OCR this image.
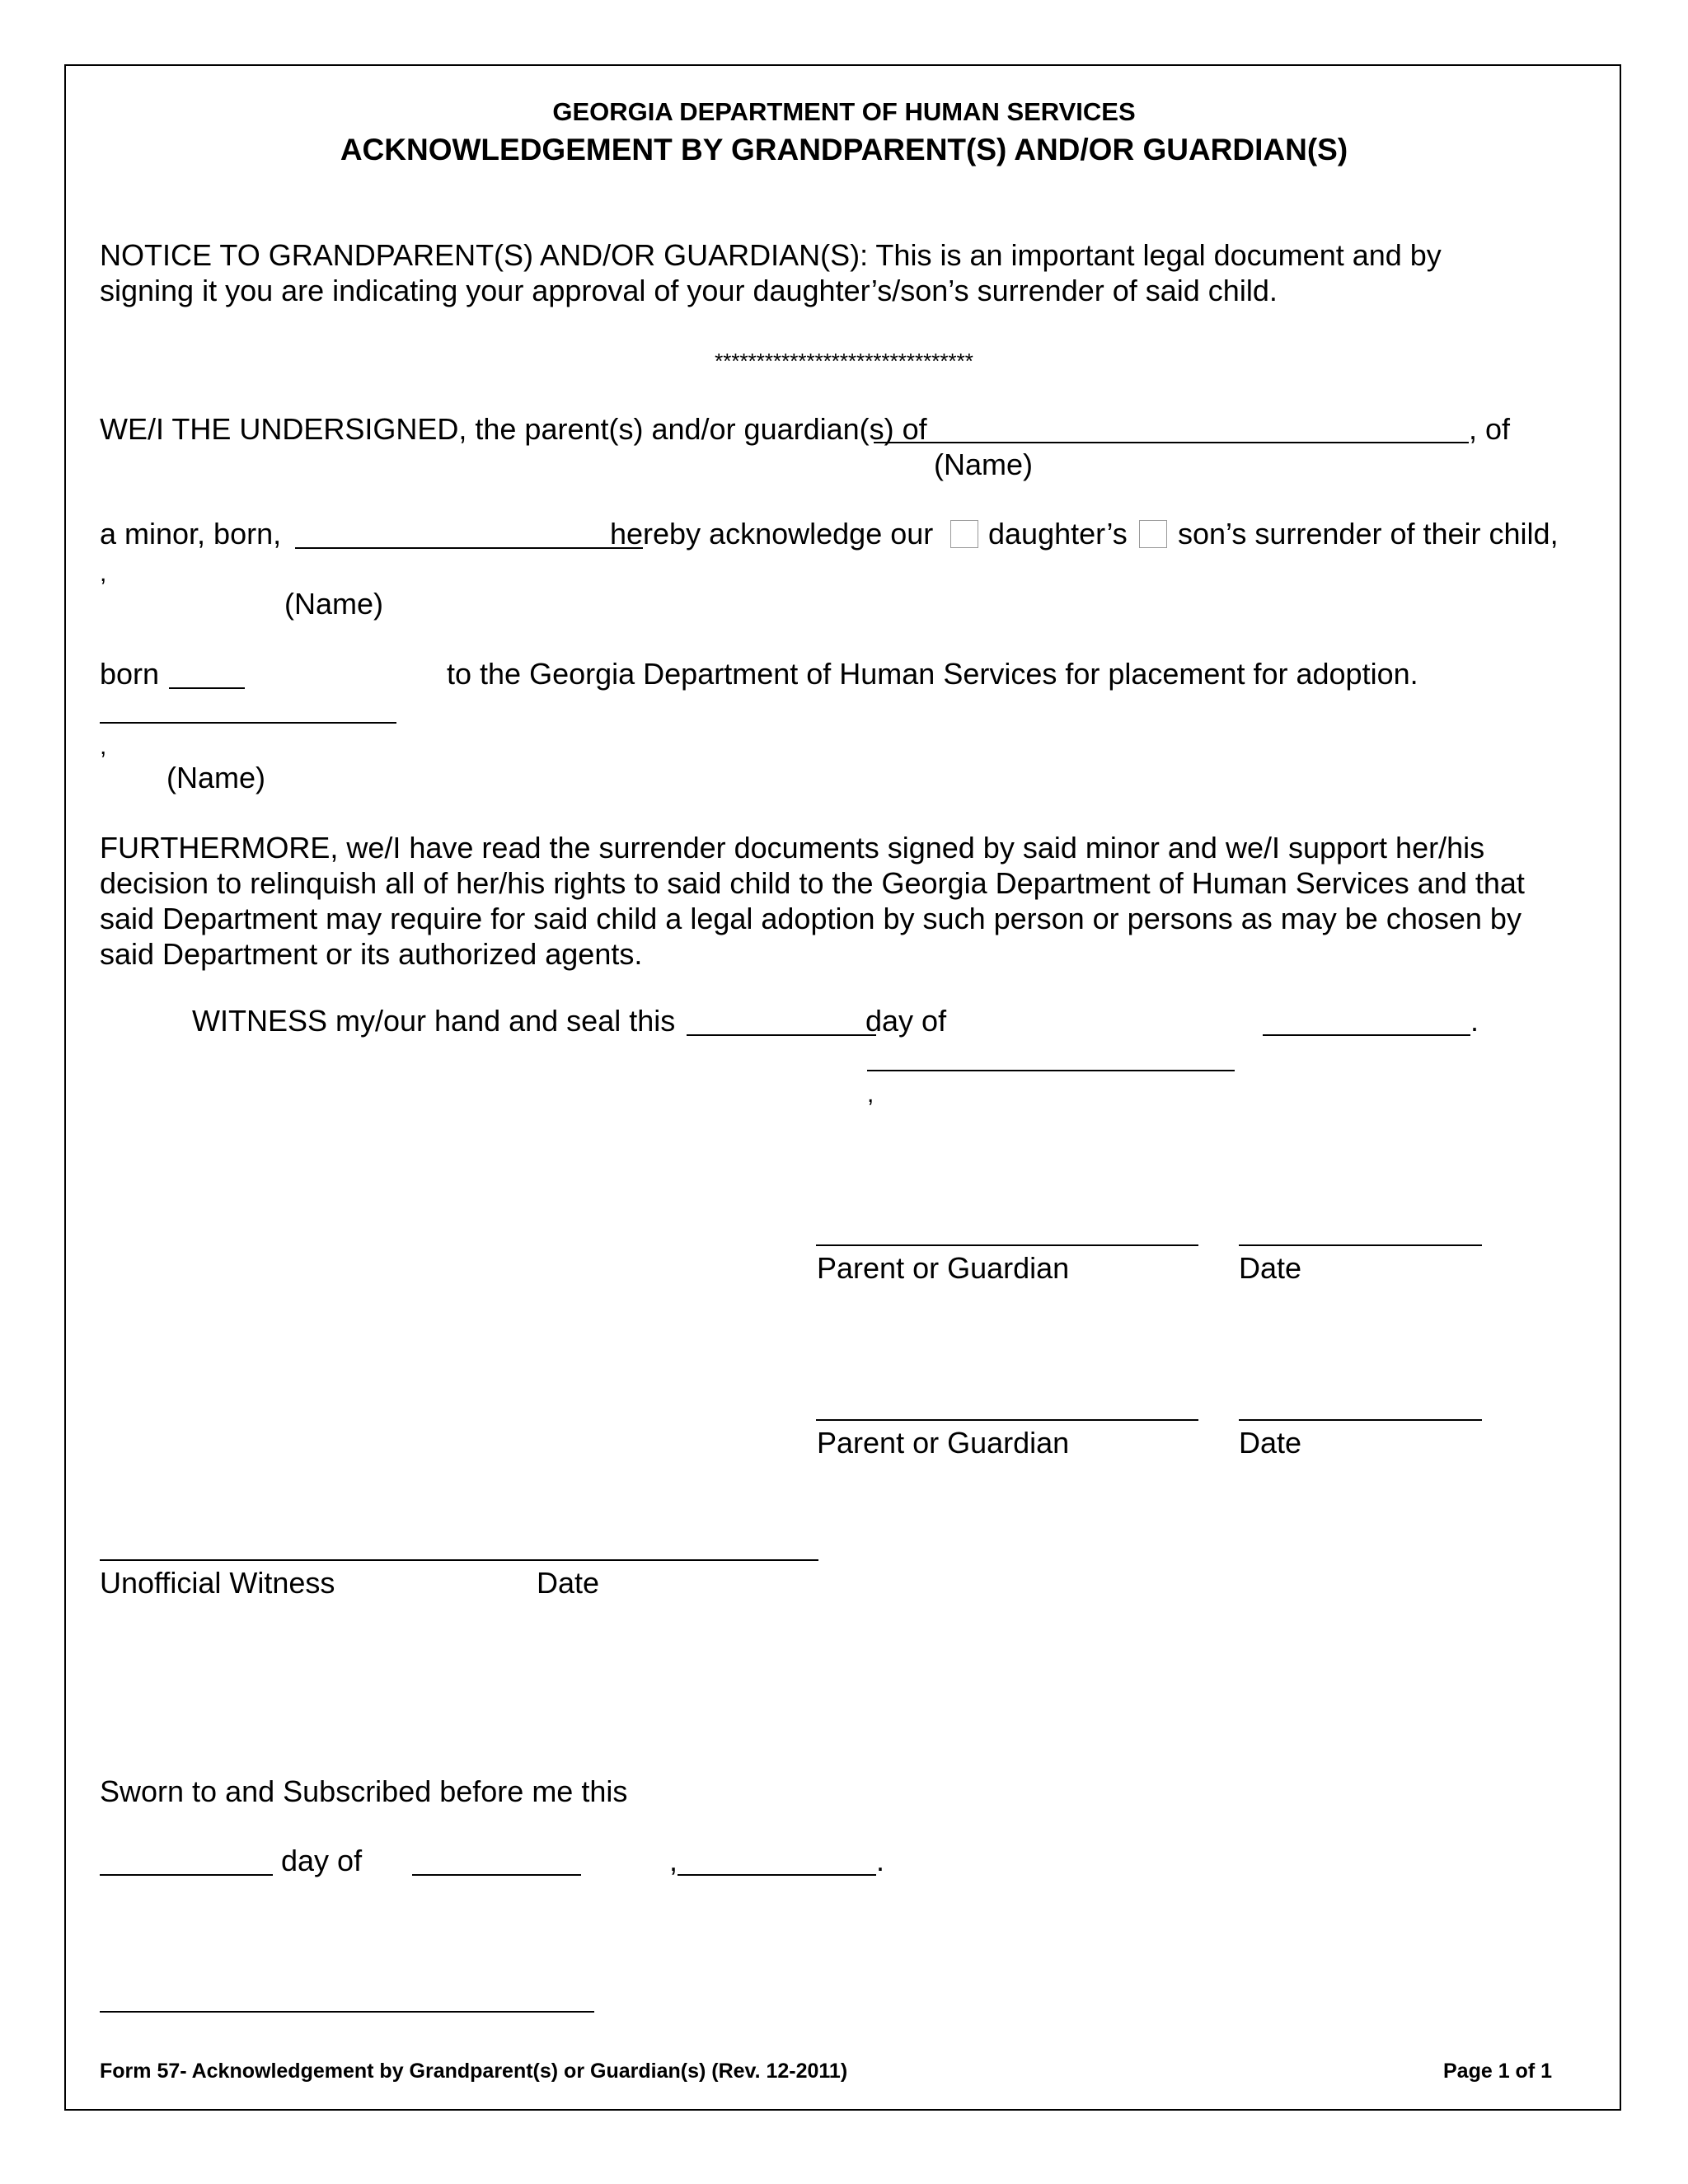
GEORGIA DEPARTMENT OF HUMAN SERVICES
ACKNOWLEDGEMENT BY GRANDPARENT(S) AND/OR GUARDIAN(S)
NOTICE TO GRANDPARENT(S) AND/OR GUARDIAN(S): This is an important legal document and by
signing it you are indicating your approval of your daughter’s/son’s surrender of said child.
*******************************
WE/I THE UNDERSIGNED, the parent(s) and/or guardian(s) of	, of
(Name)
a minor, born,	hereby acknowledge our daughter’s son’s surrender of their child,
,
(Name)
born	to the Georgia Department of Human Services for placement for adoption.
,
(Name)
FURTHERMORE, we/I have read the surrender documents signed by said minor and we/I support her/his
decision to relinquish all of her/his rights to said child to the Georgia Department of Human Services and that
said Department may require for said child a legal adoption by such person or persons as may be chosen by
said Department or its authorized agents.
WITNESS my/our hand and seal this	day of	.
,
Parent or Guardian	Date
Parent or Guardian	Date
Unofficial Witness	Date
Sworn to and Subscribed before me this
day of	,	.
Form 57- Acknowledgement by Grandparent(s) or Guardian(s) (Rev. 12-2011)	Page 1 of 1
